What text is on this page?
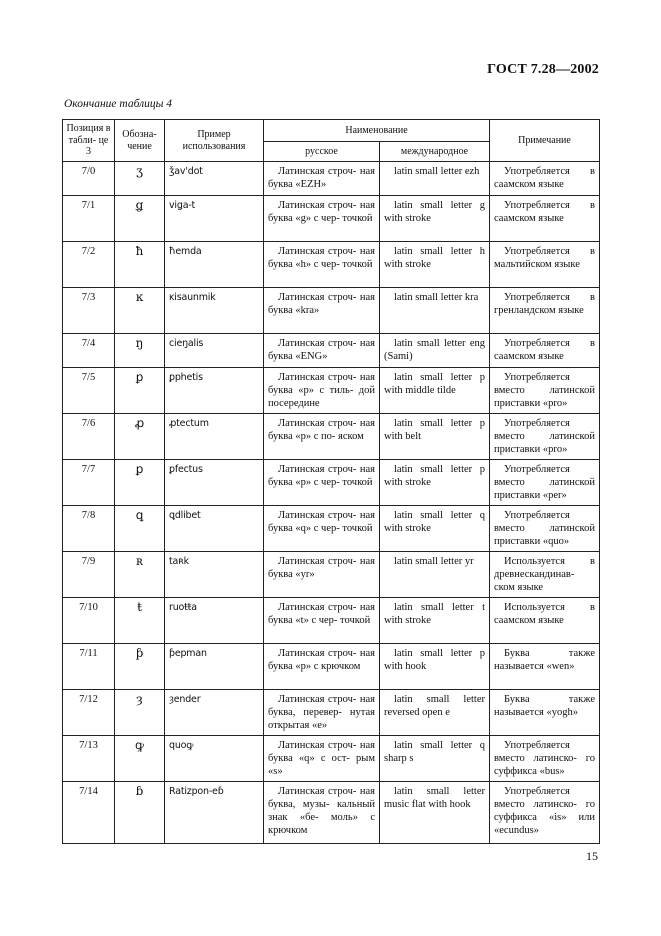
ГОСТ 7.28—2002
Окончание таблицы 4
Позиция в табли- це 3	Обозна- чение	Пример использования	Наименование		Примечание
			русское	международное	
7/0	ʒ	ǯav'dot	Латинская строч- ная буква «EZH»	latin small letter ezh	Употребляется в саамском языке

7/1	ǥ	viǥa-t	Латинская строч- ная буква «g» с чер- точкой	latin small letter g with stroke	Употребляется в саамском языке

7/2	ħ	ħemda	Латинская строч- ная буква «h» с чер- точкой	latin small letter h with stroke	Употребляется в мальтийском языке

7/3	ĸ	ĸisaunmik	Латинская строч- ная буква «kra»	latin small letter kra	Употребляется в гренландском языке

7/4	ŋ	cieŋalis	Латинская строч- ная буква «ENG»	latin small letter eng (Sami)	Употребляется в саамском языке

7/5	ꝑ	ꝑphetis	Латинская строч- ная буква «p» с тиль- дой посередине	latin small letter p with middle tilde	Употребляется вместо латинской приставки «pro»

7/6	ꝓ	ꝓtectum	Латинская строч- ная буква «p» с по- яском	latin small letter p with belt	Употребляется вместо латинской приставки «pro»

7/7	ꝑ	ꝑfectus	Латинская строч- ная буква «p» с чер- точкой	latin small letter p with stroke	Употребляется вместо латинской приставки «per»

7/8	ꝗ	ꝗdlibet	Латинская строч- ная буква «q» с чер- точкой	latin small letter q with stroke	Употребляется вместо латинской приставки «quo»

7/9	ʀ	taʀk	Латинская строч- ная буква «yr»	latin small letter yr	Используется в древнескандинав- ском языке

7/10	ŧ	ruoŧŧa	Латинская строч- ная буква «t» с чер- точкой	latin small letter t with stroke	Используется в саамском языке

7/11	ƥ	ƥepman	Латинская строч- ная буква «p» с крючком	latin small letter p with hook	Буква также называется «wen»

7/12	ȝ	ȝender	Латинская строч- ная буква, перевер- нутая открытая «e»	latin small letter reversed open e	Буква также называется «yogh»

7/13	ꝙ	quoꝙ	Латинская строч- ная буква «q» с ост- рым «s»	latin small letter q sharp s	Употребляется вместо латинско- го суффикса «bus»

7/14	ɓ	Ratizpon-eɓ	Латинская строч- ная буква, музы- кальный знак «бе- моль» с крючком	latin small letter music flat with hook	Употребляется вместо латинско- го суффикса «is» или «ecundus»
15
